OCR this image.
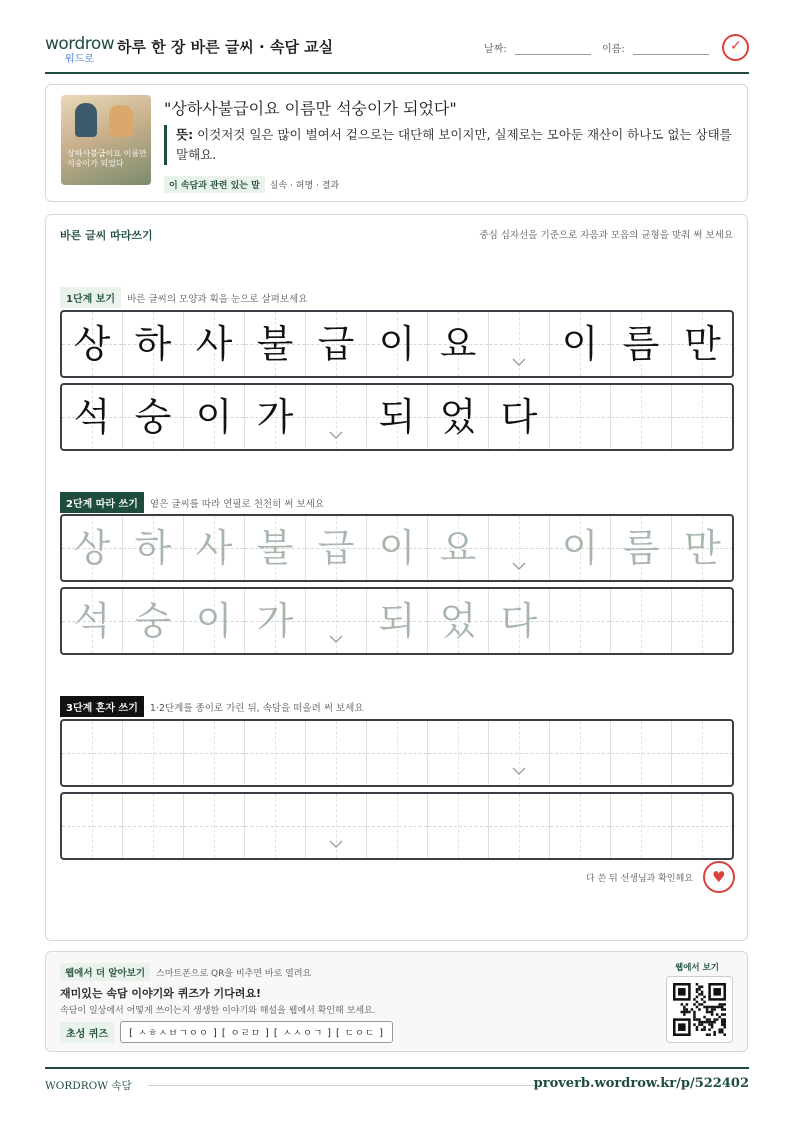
wordrow
워드로
하루 한 장 바른 글씨 · 속담 교실	날짜:	이름:	✓
상하사불급이요 이름만 석숭이가 되었다
"상하사불급이요 이름만 석숭이가 되었다"
뜻: 이것저것 일은 많이 벌여서 겉으로는 대단해 보이지만, 실제로는 모아둔 재산이 하나도 없는 상태를 말해요.
이 속담과 관련 있는 말 실속 · 허명 · 결과
바른 글씨 따라쓰기	중심 십자선을 기준으로 자음과 모음의 균형을 맞춰 써 보세요
1단계 보기 바른 글씨의 모양과 획을 눈으로 살펴보세요
상 하 사 불 급 이 요	이 름 만
석 숭 이 가	되 었 다
2단계 따라 쓰기 옅은 글씨를 따라 연필로 천천히 써 보세요
상 하 사 불 급 이 요	이 름 만
석 숭 이 가	되 었 다
3단계 혼자 쓰기 1·2단계를 종이로 가린 뒤, 속담을 떠올려 써 보세요
다 쓴 뒤 선생님과 확인해요 ♥
웹에서 더 알아보기 스마트폰으로 QR을 비추면 바로 열려요
재미있는 속담 이야기와 퀴즈가 기다려요!
속담이 일상에서 어떻게 쓰이는지 생생한 이야기와 해설을 웹에서 확인해 보세요.
초성 퀴즈 [ ㅅㅎㅅㅂㄱㅇㅇ ] [ ㅇㄹㅁ ] [ ㅅㅅㅇㄱ ] [ ㄷㅇㄷ ]
웹에서 보기
WORDROW 속담	proverb.wordrow.kr/p/522402
